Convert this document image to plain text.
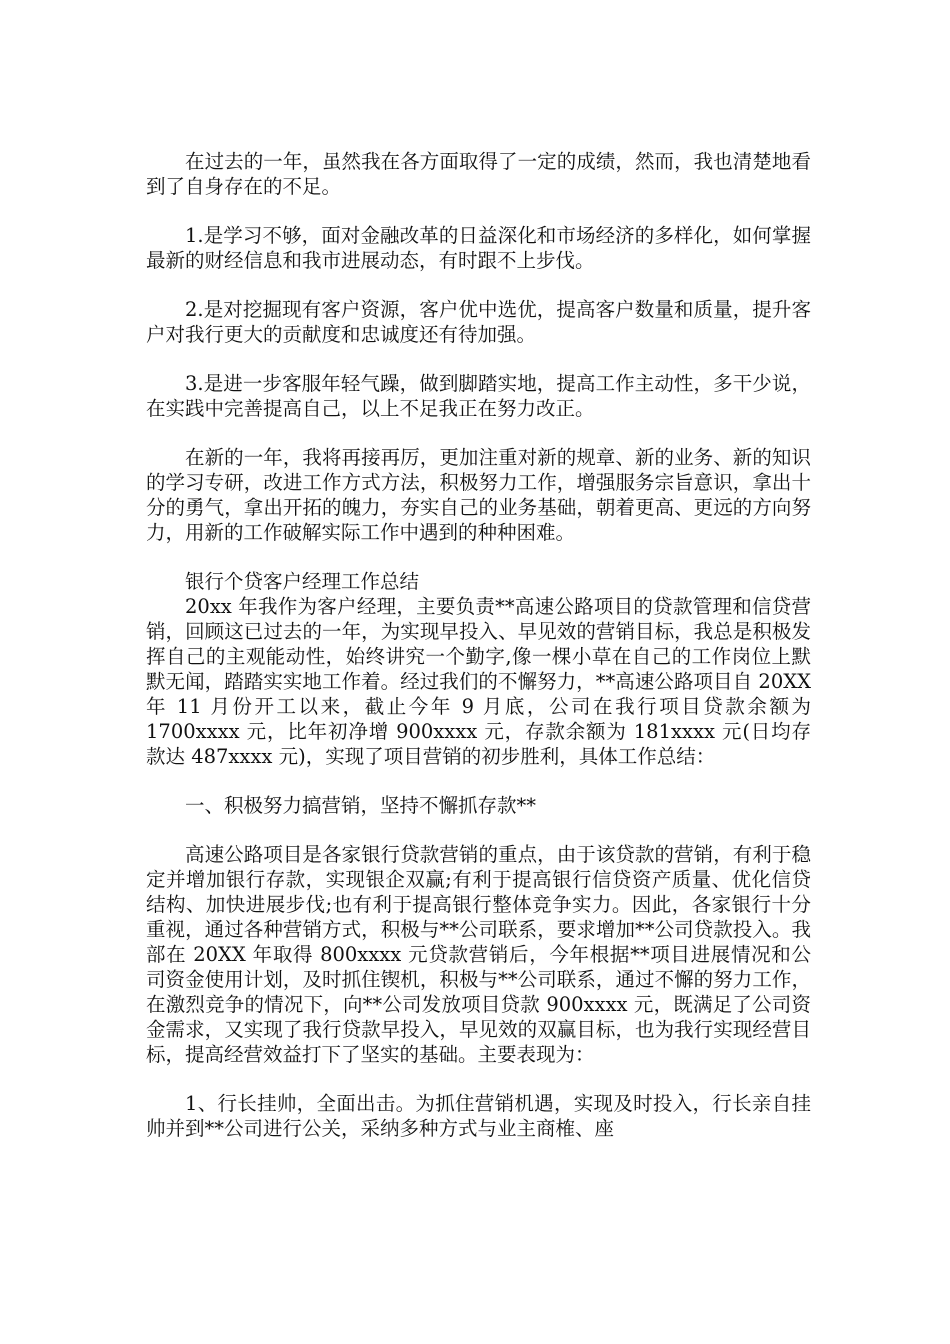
在过去的一年，虽然我在各方面取得了一定的成绩，然而，我也清楚地看到了自身存在的不足。

1.是学习不够，面对金融改革的日益深化和市场经济的多样化，如何掌握最新的财经信息和我市进展动态，有时跟不上步伐。

2.是对挖掘现有客户资源，客户优中选优，提高客户数量和质量，提升客户对我行更大的贡献度和忠诚度还有待加强。

3.是进一步客服年轻气躁，做到脚踏实地，提高工作主动性，多干少说，在实践中完善提高自己，以上不足我正在努力改正。

在新的一年，我将再接再厉，更加注重对新的规章、新的业务、新的知识的学习专研，改进工作方式方法，积极努力工作，增强服务宗旨意识，拿出十分的勇气，拿出开拓的魄力，夯实自己的业务基础，朝着更高、更远的方向努力，用新的工作破解实际工作中遇到的种种困难。

银行个贷客户经理工作总结

20xx 年我作为客户经理，主要负责**高速公路项目的贷款管理和信贷营销，回顾这已过去的一年，为实现早投入、早见效的营销目标，我总是积极发挥自己的主观能动性，始终讲究一个勤字,像一棵小草在自己的工作岗位上默默无闻，踏踏实实地工作着。经过我们的不懈努力，**高速公路项目自 20XX 年 11 月份开工以来，截止今年 9 月底，公司在我行项目贷款余额为 1700xxxx 元，比年初净增 900xxxx 元，存款余额为 181xxxx 元(日均存款达 487xxxx 元)，实现了项目营销的初步胜利，具体工作总结：

一、积极努力搞营销，坚持不懈抓存款**

高速公路项目是各家银行贷款营销的重点，由于该贷款的营销，有利于稳定并增加银行存款，实现银企双赢;有利于提高银行信贷资产质量、优化信贷结构、加快进展步伐;也有利于提高银行整体竞争实力。因此，各家银行十分重视，通过各种营销方式，积极与**公司联系，要求增加**公司贷款投入。我部在 20XX 年取得 800xxxx 元贷款营销后，今年根据**项目进展情况和公司资金使用计划，及时抓住锲机，积极与**公司联系，通过不懈的努力工作，在激烈竞争的情况下，向**公司发放项目贷款 900xxxx 元，既满足了公司资金需求，又实现了我行贷款早投入，早见效的双赢目标，也为我行实现经营目标，提高经营效益打下了坚实的基础。主要表现为：

1、行长挂帅，全面出击。为抓住营销机遇，实现及时投入，行长亲自挂帅并到**公司进行公关，采纳多种方式与业主商榷、座
